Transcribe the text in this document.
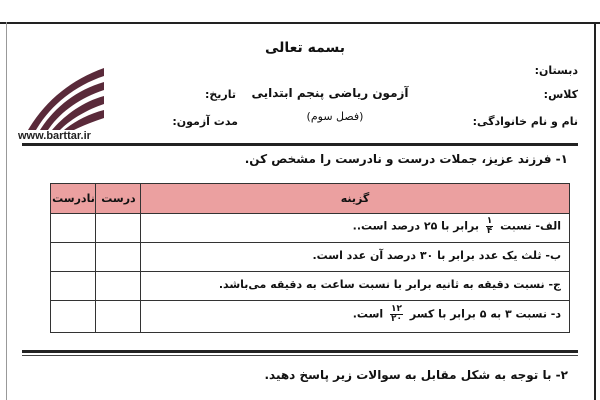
بسمه تعالی
آزمون ریاضی پنجم ابتدایی
(فصل سوم)
دبستان:
کلاس:
نام و نام خانوادگی:
تاریخ:
مدت آزمون:
www.barttar.ir
۱- فرزند عزیز، جملات درست و نادرست را مشخص کن.
گزینه
درست
نادرست
الف- نسبت
$\frac{۱}{۴}$
برابر با ۲۵ درصد است..
ب- ثلث یک عدد برابر با ۳۰ درصد آن عدد است.
ج- نسبت دقیقه به ثانیه برابر با نسبت ساعت به دقیقه می‌باشد.
د- نسبت ۳ به ۵ برابر با کسر
$\frac{۱۲}{۲۰}$
است.
۲- با توجه به شکل مقابل به سوالات زیر پاسخ دهید.
